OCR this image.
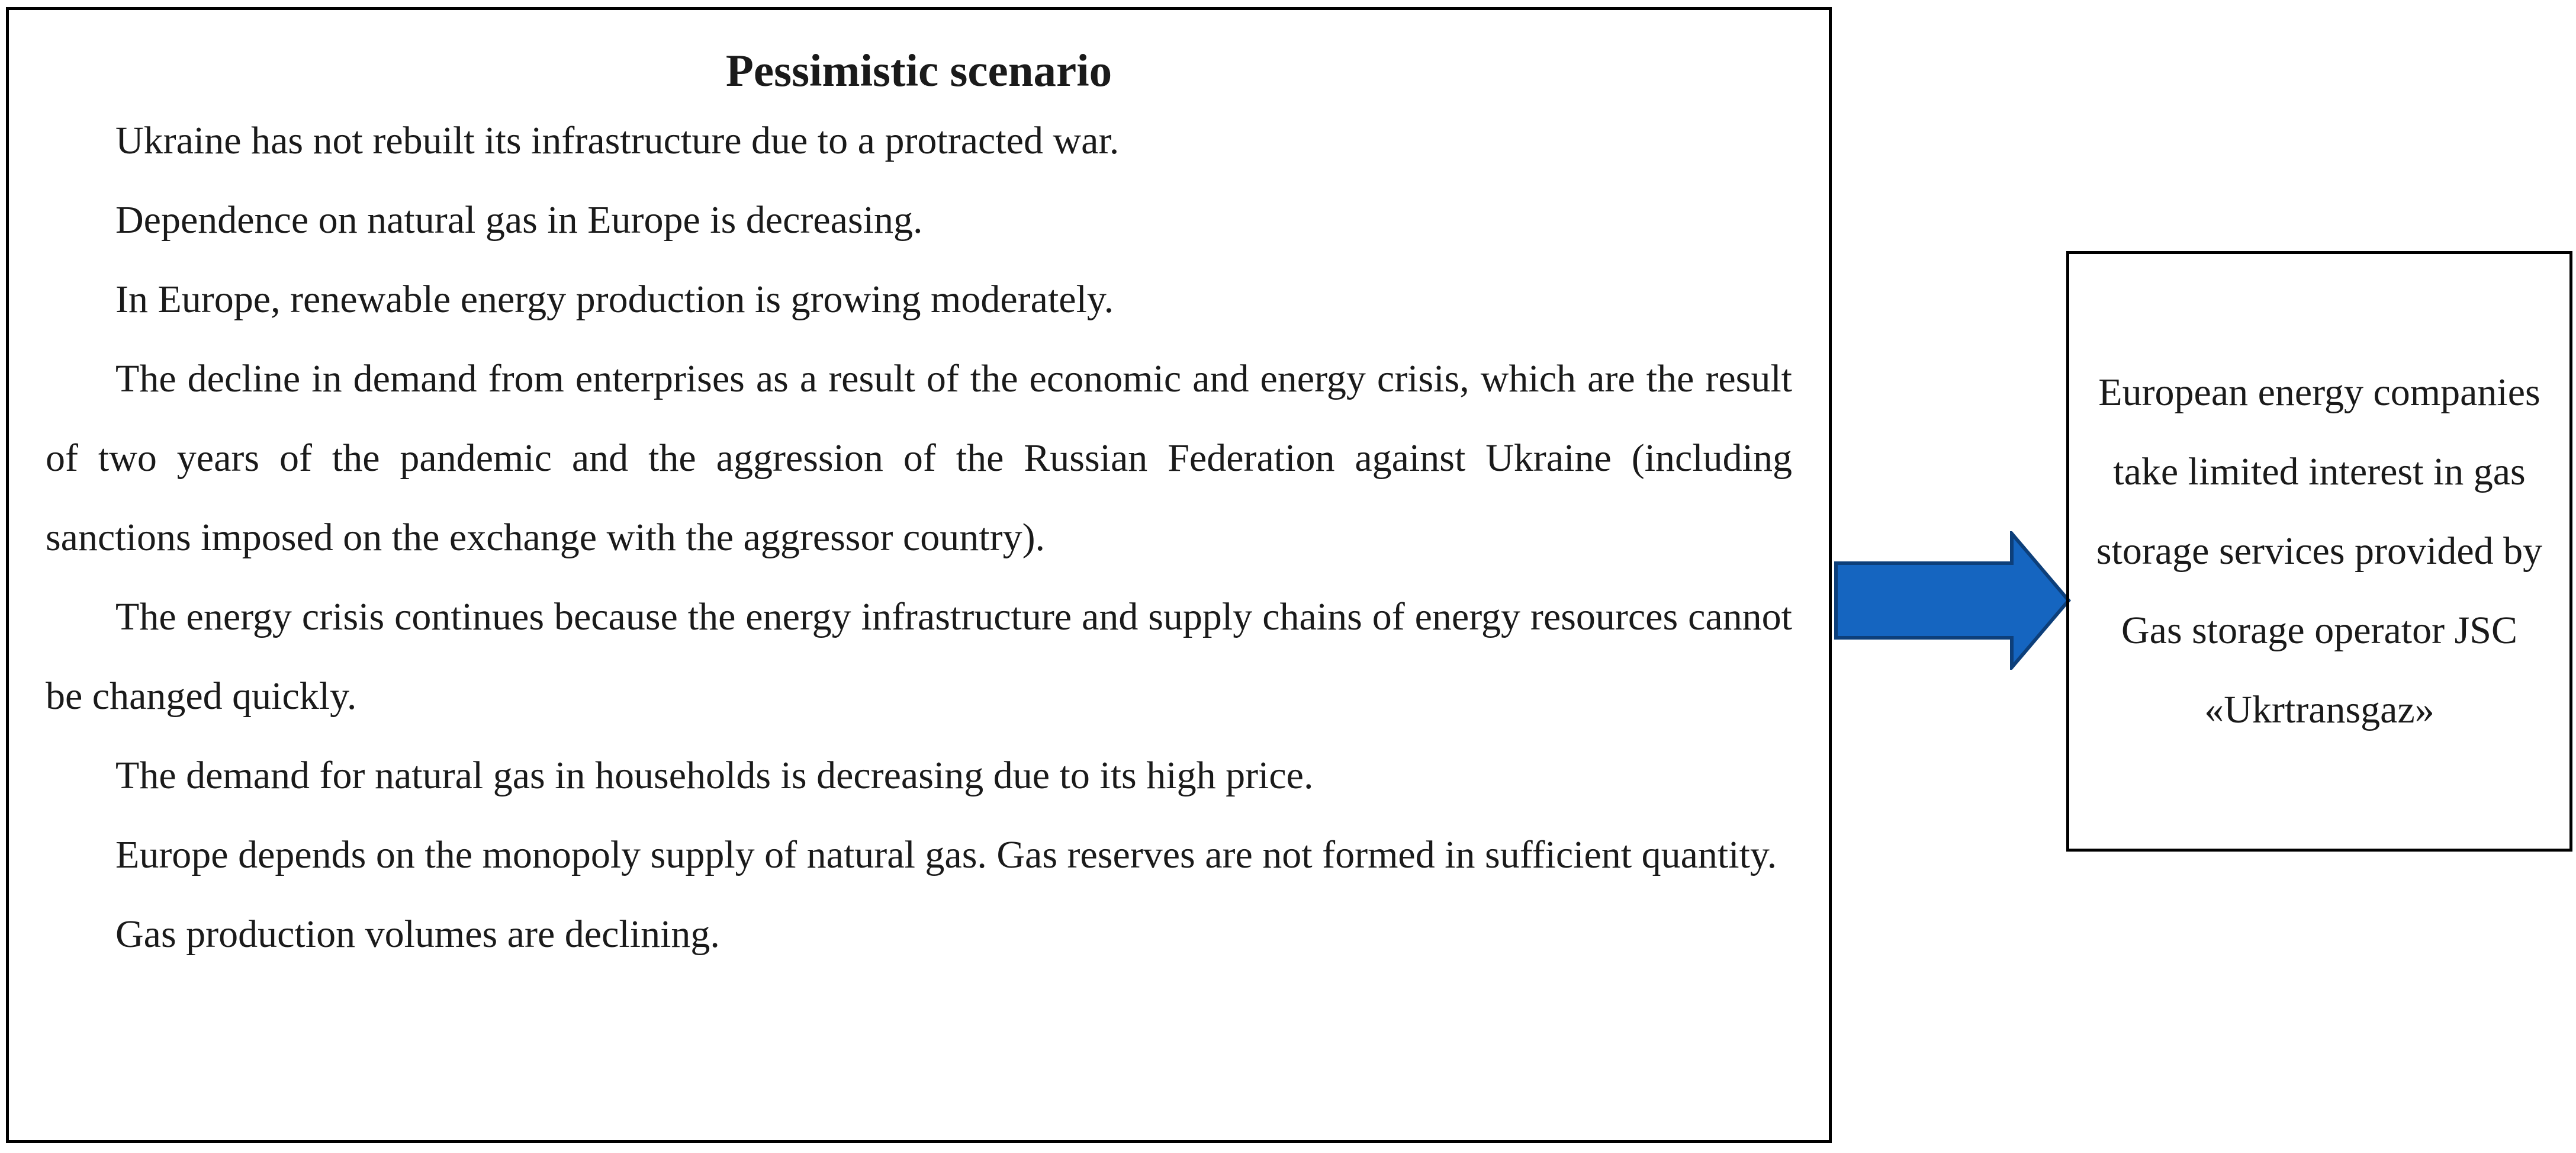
Pessimistic scenario

Ukraine has not rebuilt its infrastructure due to a protracted war.

Dependence on natural gas in Europe is decreasing.

In Europe, renewable energy production is growing moderately.

The decline in demand from enterprises as a result of the economic and energy crisis, which are the result of two years of the pandemic and the aggression of the Russian Federation against Ukraine (including sanctions imposed on the exchange with the aggressor country).

The energy crisis continues because the energy infrastructure and supply chains of energy resources cannot be changed quickly.

The demand for natural gas in households is decreasing due to its high price.

Europe depends on the monopoly supply of natural gas. Gas reserves are not formed in sufficient quantity.

Gas production volumes are declining.

European energy companies take limited interest in gas storage services provided by Gas storage operator JSC «Ukrtransgaz»
